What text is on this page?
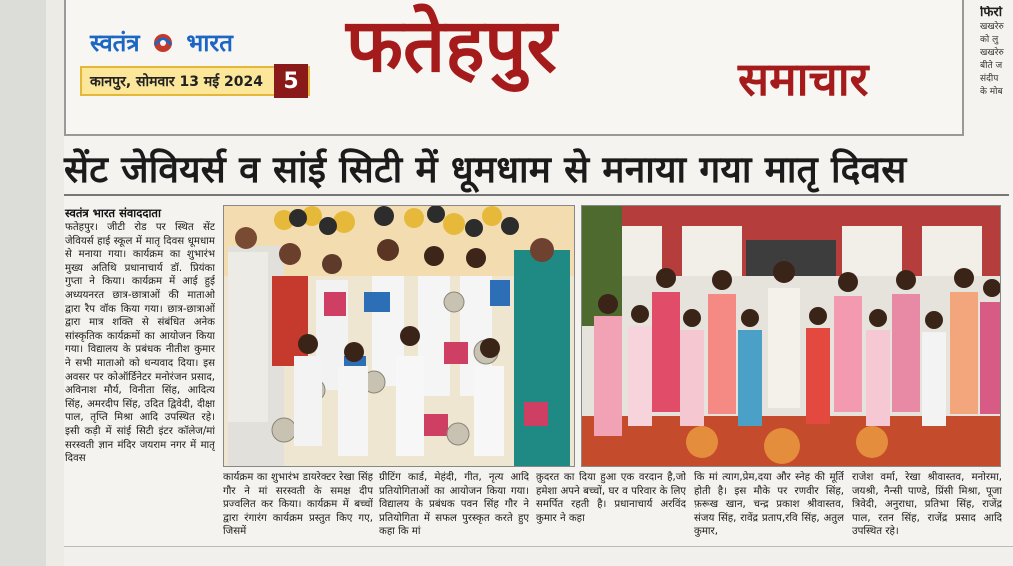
स्वतंत्र भारत
कानपुर, सोमवार 13 मई 2024 5 फतेहपुर	समाचार
फिरो
खखरेरु
को लु
खखरेरु
बीते ज
संदीप
के मोब
सेंट जेवियर्स व सांई सिटी में धूमधाम से मनाया गया मातृ दिवस
स्वतंत्र भारत संवाददाता
फतेहपुर। जीटी रोड पर स्थित सेंट जेवियर्स हाई स्कूल में मातृ दिवस धूमधाम से मनाया गया। कार्यक्रम का शुभारंभ मुख्य अतिथि प्रधानाचार्य डॉ. प्रियंका गुप्ता ने किया। कार्यक्रम में आई हुई अध्ययनरत छात्र-छात्राओं की माताओ द्वारा रैप वॉक किया गया। छात्र-छात्राओं द्वारा मात्र शक्ति से संबंधित अनेक सांस्कृतिक कार्यक्रमों का आयोजन किया गया। विद्यालय के प्रबंधक नीतीश कुमार ने सभी माताओ को धन्यवाद दिया। इस अवसर पर कोऑर्डिनेटर मनोरंजन प्रसाद, अविनाश मौर्य, विनीता सिंह, आदित्य सिंह, अमरदीप सिंह, उदित द्विवेदी, दीक्षा पाल, तृप्ति मिश्रा आदि उपस्थित रहे। इसी कड़ी में सांई सिटी इंटर कॉलेज/मां सरस्वती ज्ञान मंदिर जयराम नगर में मातृ दिवस
कार्यक्रम का शुभारंभ डायरेक्टर रेखा सिंह गौर ने मां सरस्वती के समक्ष दीप प्रज्वलित कर किया। कार्यक्रम में बच्चों द्वारा रंगारंग कार्यक्रम प्रस्तुत किए गए, जिसमें
ग्रीटिंग कार्ड, मेहंदी, गीत, नृत्य आदि प्रतियोगिताओं का आयोजन किया गया। विद्यालय के प्रबंधक पवन सिंह गौर ने प्रतियोगिता में सफल पुरस्कृत करते हुए कहा कि मां
क़ुदरत का दिया हुआ एक वरदान है,जो हमेशा अपने बच्चों, घर व परिवार के लिए समर्पित रहती है। प्रधानाचार्य अरविंद कुमार ने कहा
कि मां त्याग,प्रेम,दया और स्नेह की मूर्ति होती है। इस मौके पर रणवीर सिंह, फ़रूख खान, चन्द्र प्रकाश श्रीवास्तव, संजय सिंह, रावेंद्र प्रताप,रवि सिंह, अतुल कुमार,
राजेश वर्मा, रेखा श्रीवास्तव, मनोरमा, जयश्री, नैन्सी पाण्डे, प्रिंसी मिश्रा, पूजा त्रिवेदी, अनुराधा, प्रतिभा सिंह, राजेंद्र पाल, रतन सिंह, राजेंद्र प्रसाद आदि उपस्थित रहे।
